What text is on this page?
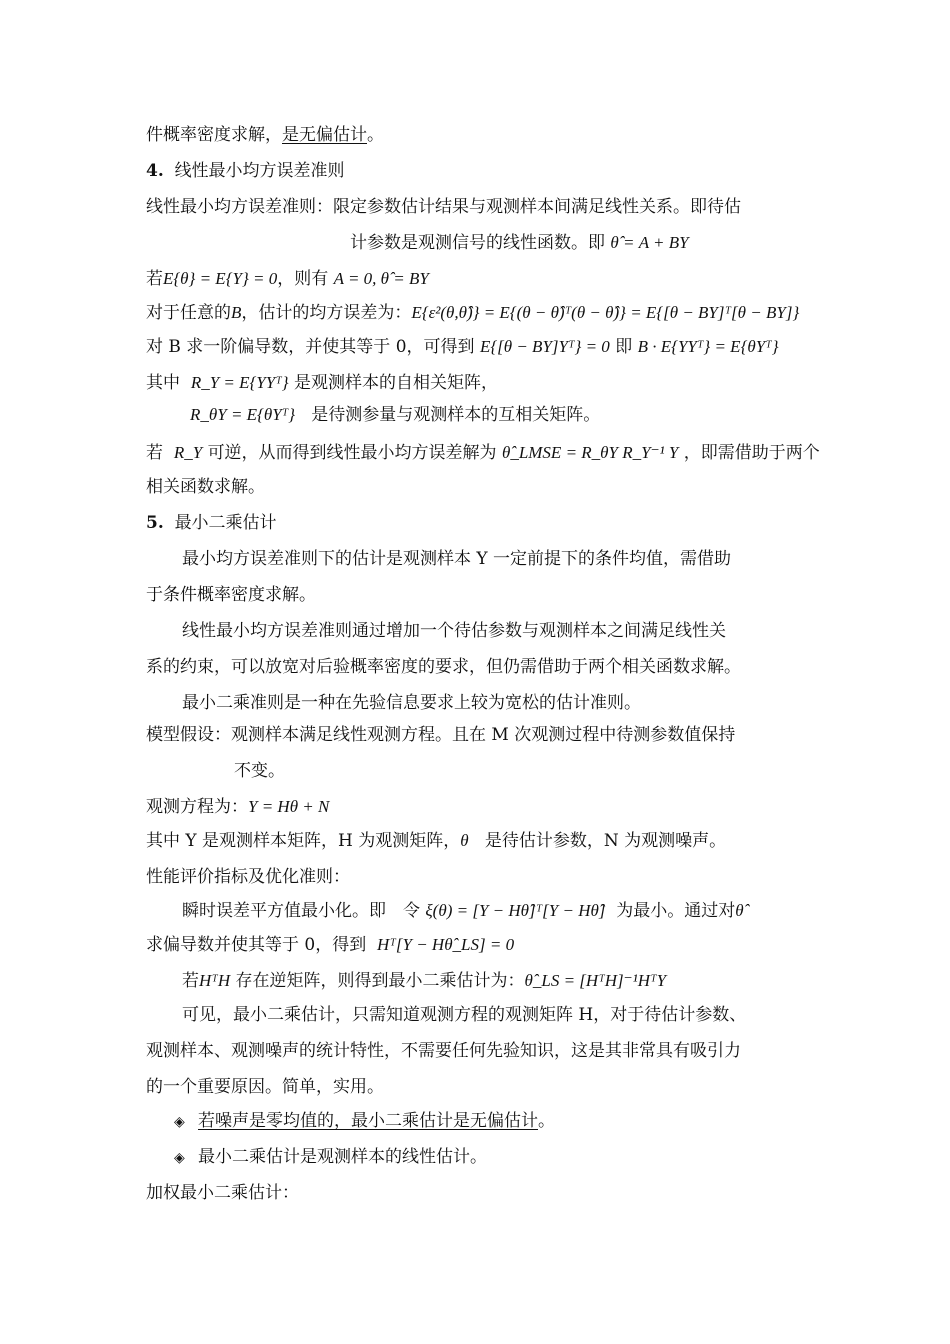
件概率密度求解，是无偏估计。
4. 线性最小均方误差准则
线性最小均方误差准则：限定参数估计结果与观测样本间满足线性关系。即待估
计参数是观测信号的线性函数。即 θ̂ = A + BY
若E{θ} = E{Y} = 0，则有 A = 0, θ̂ = BY
对于任意的B，估计的均方误差为：E{ε²(θ,θ̂)} = E{(θ − θ̂)ᵀ(θ − θ̂)} = E{[θ − BY]ᵀ[θ − BY]}
对 B 求一阶偏导数，并使其等于 0，可得到 E{[θ − BY]Yᵀ} = 0 即 B · E{YYᵀ} = E{θYᵀ}
其中 R_Y = E{YYᵀ} 是观测样本的自相关矩阵，
R_θY = E{θYᵀ} 是待测参量与观测样本的互相关矩阵。
若 R_Y 可逆，从而得到线性最小均方误差解为 θ̂_LMSE = R_θY R_Y⁻¹ Y ，即需借助于两个
相关函数求解。
5. 最小二乘估计
最小均方误差准则下的估计是观测样本 Y 一定前提下的条件均值，需借助
于条件概率密度求解。
线性最小均方误差准则通过增加一个待估参数与观测样本之间满足线性关
系的约束，可以放宽对后验概率密度的要求，但仍需借助于两个相关函数求解。
最小二乘准则是一种在先验信息要求上较为宽松的估计准则。
模型假设：观测样本满足线性观测方程。且在 M 次观测过程中待测参数值保持
不变。
观测方程为：Y = Hθ + N
其中 Y 是观测样本矩阵，H 为观测矩阵，θ 是待估计参数，N 为观测噪声。
性能评价指标及优化准则：
瞬时误差平方值最小化。即　令 ξ(θ) = [Y − Hθ̂]ᵀ[Y − Hθ̂] 为最小。通过对θ̂
求偏导数并使其等于 0，得到 Hᵀ[Y − Hθ̂_LS] = 0
若HᵀH 存在逆矩阵，则得到最小二乘估计为：θ̂_LS = [HᵀH]⁻¹HᵀY
可见，最小二乘估计，只需知道观测方程的观测矩阵 H，对于待估计参数、
观测样本、观测噪声的统计特性，不需要任何先验知识，这是其非常具有吸引力
的一个重要原因。简单，实用。
◈ 若噪声是零均值的，最小二乘估计是无偏估计。
◈ 最小二乘估计是观测样本的线性估计。
加权最小二乘估计：
